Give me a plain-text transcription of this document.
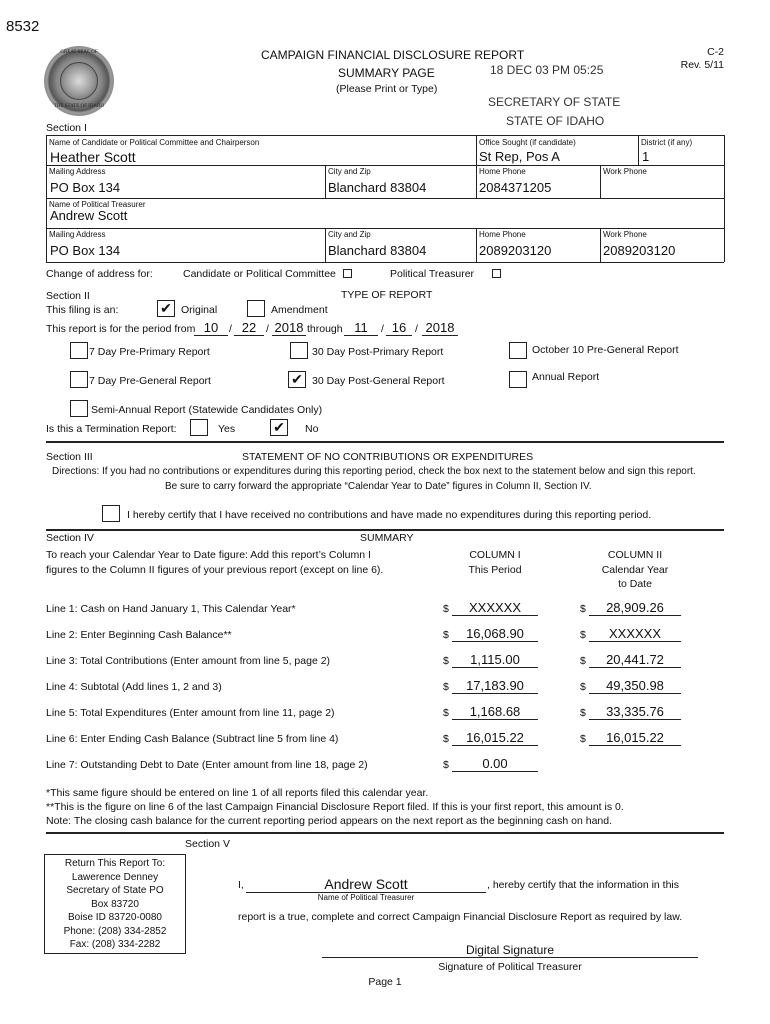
8532
GREAT SEAL OF
THE STATE OF IDAHO
CAMPAIGN FINANCIAL DISCLOSURE REPORT
SUMMARY PAGE
(Please Print or Type)
18 DEC 03 PM 05:25
SECRETARY OF STATE
STATE OF IDAHO
C-2
Rev. 5/11
Section I
Name of Candidate or Political Committee and Chairperson
Heather Scott
Office Sought (if candidate)
St Rep, Pos A
District (if any)
1
Mailing Address
PO Box 134
City and Zip
Blanchard 83804
Home Phone
2084371205
Work Phone
Name of Political Treasurer
Andrew Scott
Mailing Address
PO Box 134
City and Zip
Blanchard 83804
Home Phone
2089203120
Work Phone
2089203120
Change of address for:	Candidate or Political Committee	Political Treasurer
Section II	TYPE OF REPORT
This filing is an:	✔ Original	Amendment
This report is for the period from 10	/ 22 / 2018 through 11	/ 16 / 2018
7 Day Pre-Primary Report	30 Day Post-Primary Report	October 10 Pre-General Report
7 Day Pre-General Report	✔ 30 Day Post-General Report	Annual Report
Semi-Annual Report (Statewide Candidates Only)
Is this a Termination Report:	Yes	✔ No
Section III	STATEMENT OF NO CONTRIBUTIONS OR EXPENDITURES
Directions: If you had no contributions or expenditures during this reporting period, check the box next to the statement below and sign this report.
Be sure to carry forward the appropriate “Calendar Year to Date” figures in Column II, Section IV.
I hereby certify that I have received no contributions and have made no expenditures during this reporting period.
Section IV	SUMMARY
To reach your Calendar Year to Date figure: Add this report’s Column I
figures to the Column II figures of your previous report (except on line 6).
COLUMN I
This Period
COLUMN II
Calendar Year
to Date
Line 1: Cash on Hand January 1, This Calendar Year*	$	XXXXXX	$	28,909.26
Line 2: Enter Beginning Cash Balance**	$	16,068.90	$	XXXXXX
Line 3: Total Contributions (Enter amount from line 5, page 2)	$	1,115.00	$	20,441.72
Line 4: Subtotal (Add lines 1, 2 and 3)	$	17,183.90	$	49,350.98
Line 5: Total Expenditures (Enter amount from line 11, page 2)	$	1,168.68	$	33,335.76
Line 6: Enter Ending Cash Balance (Subtract line 5 from line 4)	$	16,015.22	$	16,015.22
Line 7: Outstanding Debt to Date (Enter amount from line 18, page 2)	$	0.00
*This same figure should be entered on line 1 of all reports filed this calendar year.
**This is the figure on line 6 of the last Campaign Financial Disclosure Report filed. If this is your first report, this amount is 0.
Note: The closing cash balance for the current reporting period appears on the next report as the beginning cash on hand.
Section V
Return This Report To:
Lawerence Denney
Secretary of State PO
Box 83720
Boise ID 83720-0080
Phone: (208) 334-2852
Fax: (208) 334-2282
I,	Andrew Scott	, hereby certify that the information in this
Name of Political Treasurer
report is a true, complete and correct Campaign Financial Disclosure Report as required by law.
Digital Signature
Signature of Political Treasurer
Page 1
